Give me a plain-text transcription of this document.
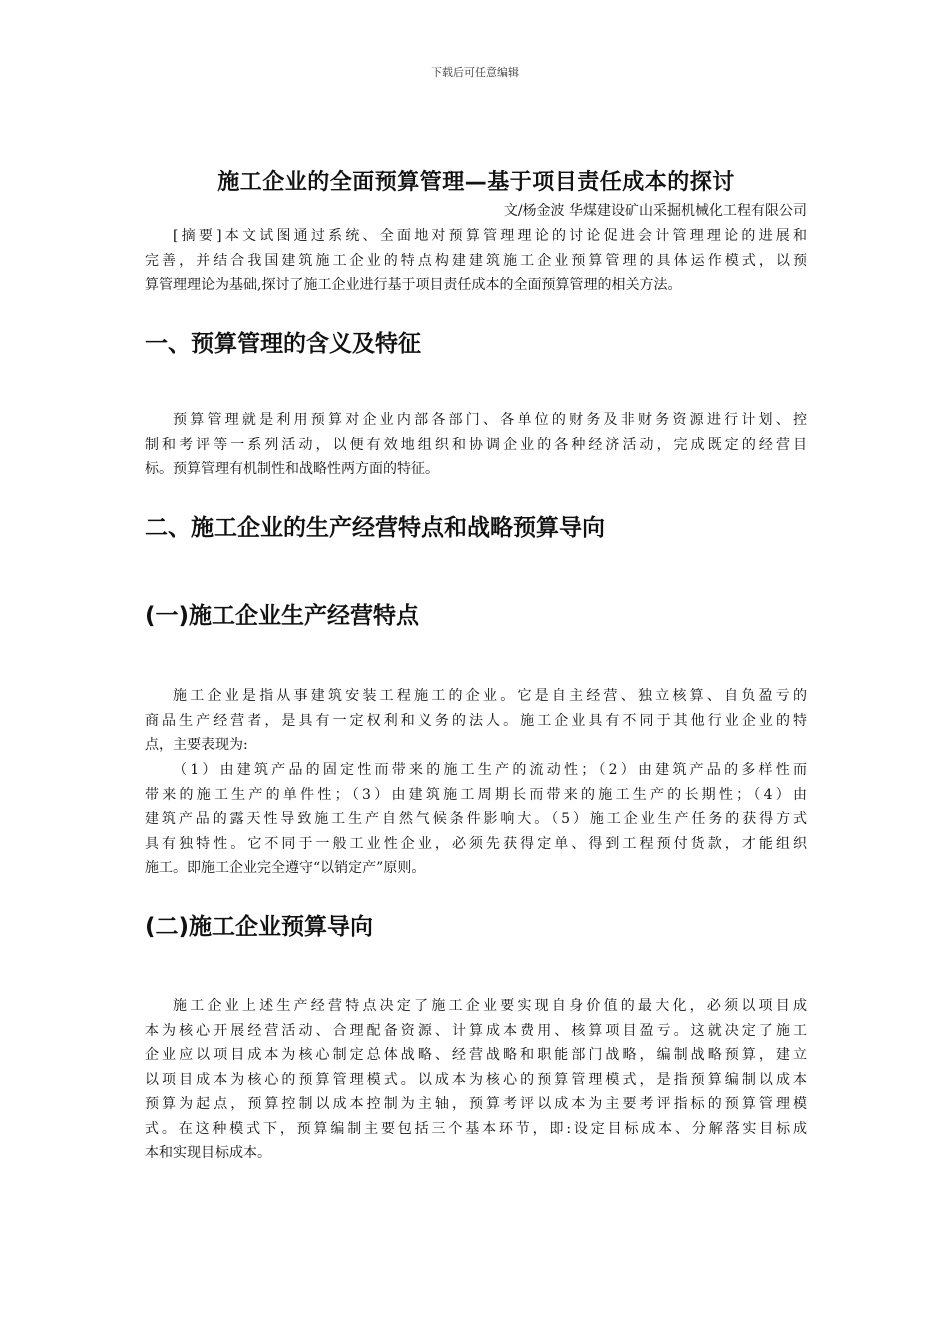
下载后可任意编辑
施工企业的全面预算管理—基于项目责任成本的探讨
文/杨金波 华煤建设矿山采掘机械化工程有限公司

[摘要]本文试图通过系统、全面地对预算管理理论的讨论促进会计管理理论的进展和
完善，并结合我国建筑施工企业的特点构建建筑施工企业预算管理的具体运作模式，以预
算管理理论为基础,探讨了施工企业进行基于项目责任成本的全面预算管理的相关方法。

一、预算管理的含义及特征

预算管理就是利用预算对企业内部各部门、各单位的财务及非财务资源进行计划、控
制和考评等一系列活动，以便有效地组织和协调企业的各种经济活动，完成既定的经营目
标。预算管理有机制性和战略性两方面的特征。

二、施工企业的生产经营特点和战略预算导向
(一)施工企业生产经营特点

施工企业是指从事建筑安装工程施工的企业。它是自主经营、独立核算、自负盈亏的
商品生产经营者，是具有一定权利和义务的法人。施工企业具有不同于其他行业企业的特
点，主要表现为:

（1）由建筑产品的固定性而带来的施工生产的流动性；（2）由建筑产品的多样性而
带来的施工生产的单件性；（3）由建筑施工周期长而带来的施工生产的长期性；（4）由
建筑产品的露天性导致施工生产自然气候条件影响大。（5）施工企业生产任务的获得方式
具有独特性。它不同于一般工业性企业，必须先获得定单、得到工程预付货款，才能组织
施工。即施工企业完全遵守“以销定产”原则。

(二)施工企业预算导向

施工企业上述生产经营特点决定了施工企业要实现自身价值的最大化，必须以项目成
本为核心开展经营活动、合理配备资源、计算成本费用、核算项目盈亏。这就决定了施工
企业应以项目成本为核心制定总体战略、经营战略和职能部门战略，编制战略预算，建立
以项目成本为核心的预算管理模式。以成本为核心的预算管理模式，是指预算编制以成本
预算为起点，预算控制以成本控制为主轴，预算考评以成本为主要考评指标的预算管理模
式。在这种模式下，预算编制主要包括三个基本环节，即:设定目标成本、分解落实目标成
本和实现目标成本。
